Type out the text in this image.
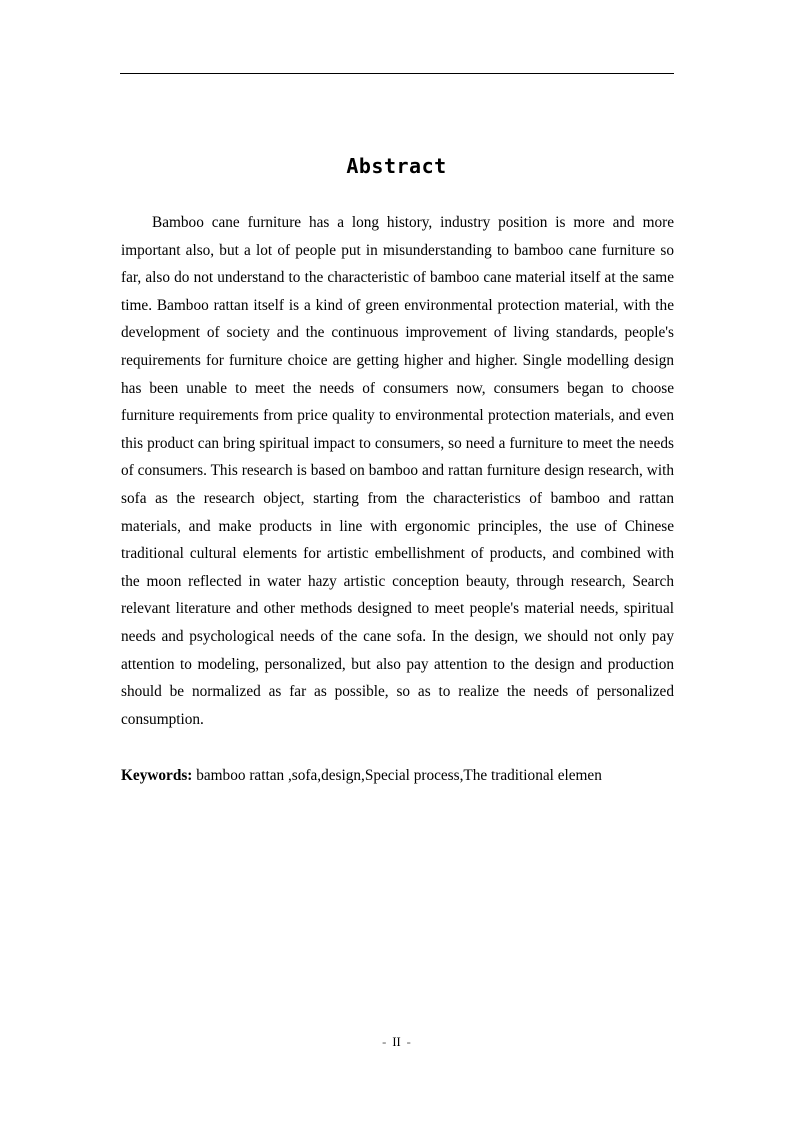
Abstract

Bamboo cane furniture has a long history, industry position is more and more important also, but a lot of people put in misunderstanding to bamboo cane furniture so far, also do not understand to the characteristic of bamboo cane material itself at the same time. Bamboo rattan itself is a kind of green environmental protection material, with the development of society and the continuous improvement of living standards, people's requirements for furniture choice are getting higher and higher. Single modelling design has been unable to meet the needs of consumers now, consumers began to choose furniture requirements from price quality to environmental protection materials, and even this product can bring spiritual impact to consumers, so need a furniture to meet the needs of consumers. This research is based on bamboo and rattan furniture design research, with sofa as the research object, starting from the characteristics of bamboo and rattan materials, and make products in line with ergonomic principles, the use of Chinese traditional cultural elements for artistic embellishment of products, and combined with the moon reflected in water hazy artistic conception beauty, through research, Search relevant literature and other methods designed to meet people's material needs, spiritual needs and psychological needs of the cane sofa. In the design, we should not only pay attention to modeling, personalized, but also pay attention to the design and production should be normalized as far as possible, so as to realize the needs of personalized consumption.

Keywords: bamboo rattan ,sofa,design,Special process,The traditional elemen
- II -
